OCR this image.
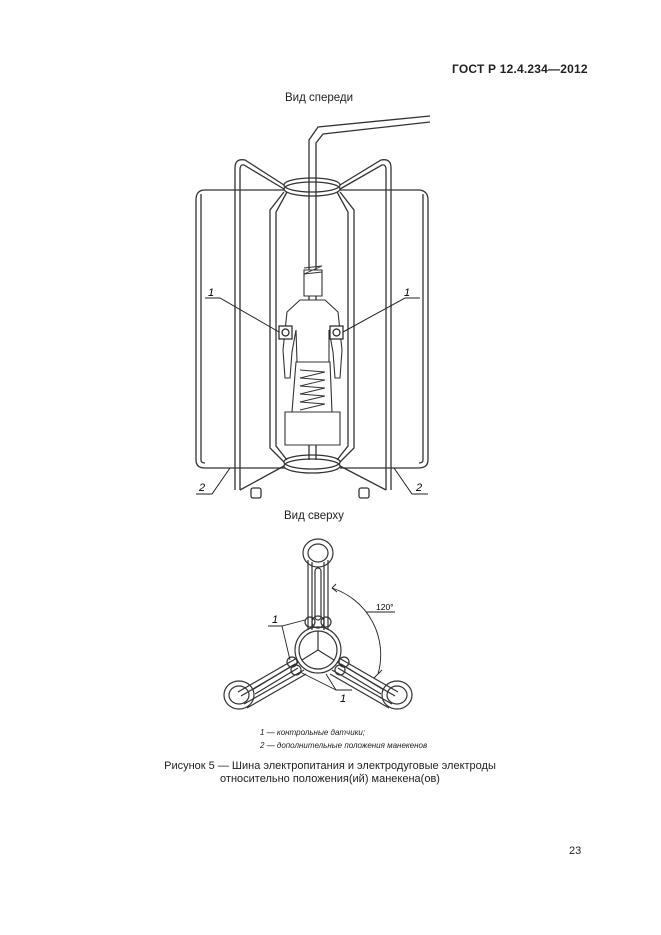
ГОСТ Р 12.4.234—2012
Вид спереди
1	1
2	2
Вид сверху
120°
1
1
1 — контрольные датчики;
2 — дополнительные положения манекенов
Рисунок 5 — Шина электропитания и электродуговые электроды
относительно положения(ий) манекена(ов)
23
